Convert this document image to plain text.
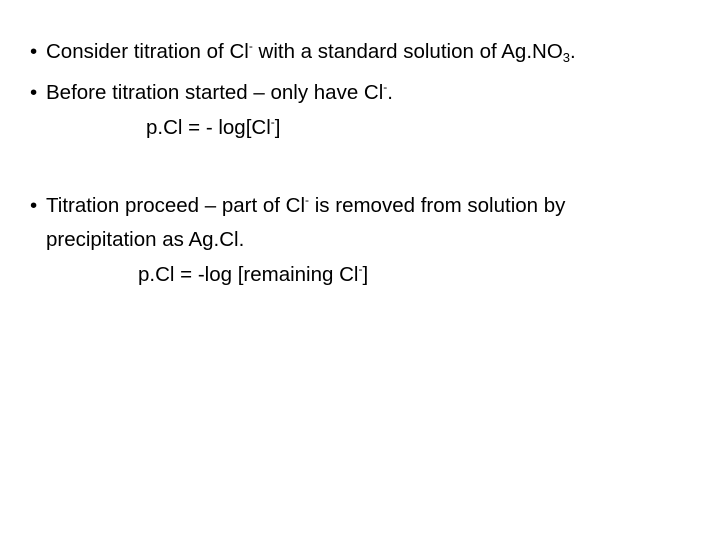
• Consider titration of Cl- with a standard solution of $Ag.NO_3$.
• Before titration started – only have Cl-.
p.Cl = - log[Cl-]
• Titration proceed – part of Cl- is removed from solution by
precipitation as Ag.Cl.
p.Cl = -log [remaining Cl-]
